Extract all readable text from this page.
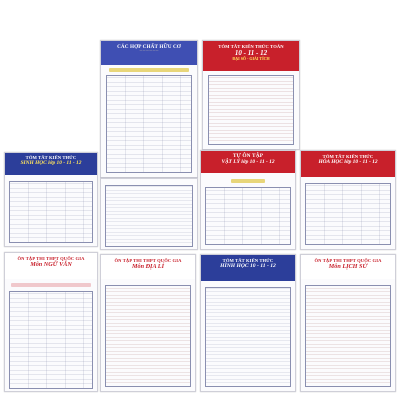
CÁC HỢP CHẤT HỮU CƠ
— — — — — —
TÓM TẮT KIẾN THỨC TOÁN
10 - 11 - 12
ĐẠI SỐ - GIẢI TÍCH
TÓM TẮT KIẾN THỨC
SINH HỌC lớp 10 - 11 - 12
TỰ ÔN TẬP
VẬT LÝ lớp 10 - 11 - 12
TÓM TẮT KIẾN THỨC
HÓA HỌC lớp 10 - 11 - 12
ÔN TẬP THI THPT QUỐC GIA
Môn NGỮ VĂN
ÔN TẬP THI THPT QUỐC GIA
Môn ĐỊA LÍ
TÓM TẮT KIẾN THỨC
HÌNH HỌC 10 - 11 - 12
ÔN TẬP THI THPT QUỐC GIA
Môn LỊCH SỬ
